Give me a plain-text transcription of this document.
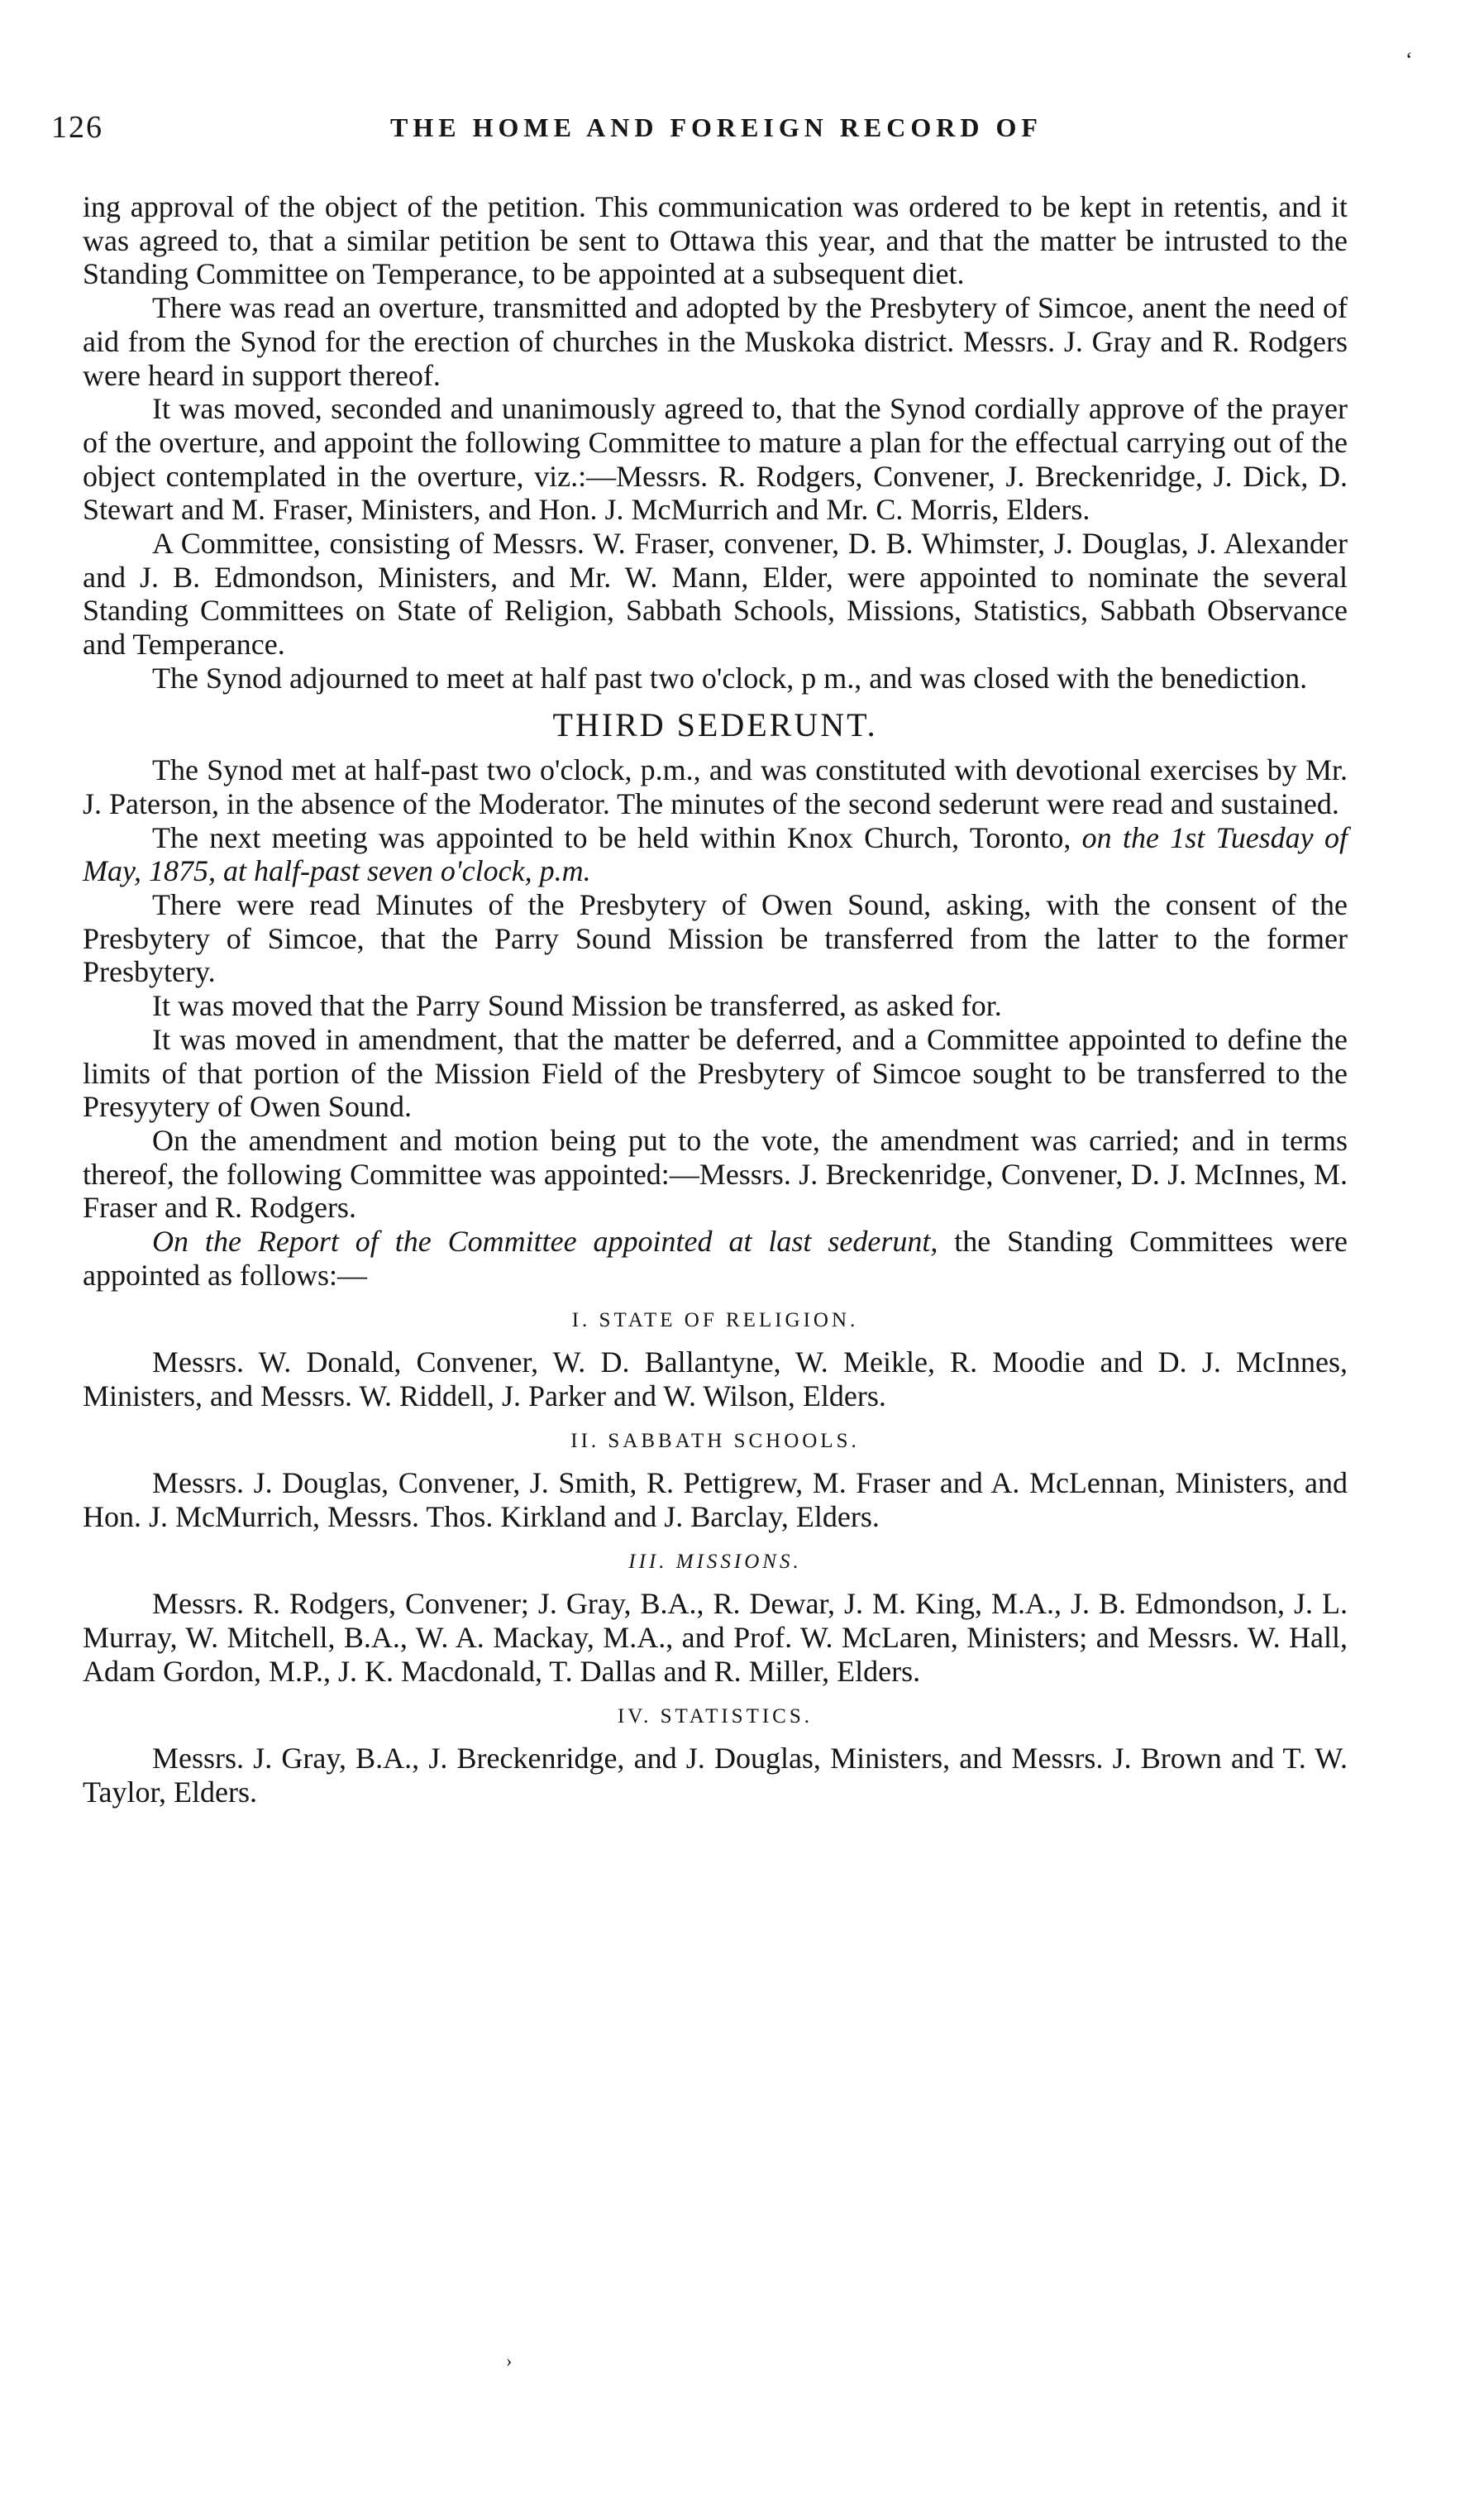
126	THE HOME AND FOREIGN RECORD OF
‘

ing approval of the object of the petition. This communication was ordered to be kept in retentis, and it was agreed to, that a similar petition be sent to Ottawa this year, and that the matter be intrusted to the Standing Committee on Temperance, to be appointed at a subsequent diet.

There was read an overture, transmitted and adopted by the Presbytery of Simcoe, anent the need of aid from the Synod for the erection of churches in the Muskoka district. Messrs. J. Gray and R. Rodgers were heard in support thereof.

It was moved, seconded and unanimously agreed to, that the Synod cordially approve of the prayer of the overture, and appoint the following Committee to mature a plan for the effectual carrying out of the object contemplated in the overture, viz.:—Messrs. R. Rodgers, Convener, J. Breckenridge, J. Dick, D. Stewart and M. Fraser, Ministers, and Hon. J. McMurrich and Mr. C. Morris, Elders.

A Committee, consisting of Messrs. W. Fraser, convener, D. B. Whimster, J. Douglas, J. Alexander and J. B. Edmondson, Ministers, and Mr. W. Mann, Elder, were appointed to nominate the several Standing Committees on State of Religion, Sabbath Schools, Missions, Statistics, Sabbath Observance and Temperance.

The Synod adjourned to meet at half past two o'clock, p m., and was closed with the benediction.

THIRD SEDERUNT.

The Synod met at half-past two o'clock, p.m., and was constituted with devotional exercises by Mr. J. Paterson, in the absence of the Moderator. The minutes of the second sederunt were read and sustained.

The next meeting was appointed to be held within Knox Church, Toronto, on the 1st Tuesday of May, 1875, at half-past seven o'clock, p.m.

There were read Minutes of the Presbytery of Owen Sound, asking, with the consent of the Presbytery of Simcoe, that the Parry Sound Mission be transferred from the latter to the former Presbytery.

It was moved that the Parry Sound Mission be transferred, as asked for.

It was moved in amendment, that the matter be deferred, and a Committee appointed to define the limits of that portion of the Mission Field of the Presbytery of Simcoe sought to be transferred to the Presyytery of Owen Sound.

On the amendment and motion being put to the vote, the amendment was carried; and in terms thereof, the following Committee was appointed:—Messrs. J. Breckenridge, Convener, D. J. McInnes, M. Fraser and R. Rodgers.

On the Report of the Committee appointed at last sederunt, the Standing Committees were appointed as follows:—

I. STATE OF RELIGION.

Messrs. W. Donald, Convener, W. D. Ballantyne, W. Meikle, R. Moodie and D. J. McInnes, Ministers, and Messrs. W. Riddell, J. Parker and W. Wilson, Elders.

II. SABBATH SCHOOLS.

Messrs. J. Douglas, Convener, J. Smith, R. Pettigrew, M. Fraser and A. McLennan, Ministers, and Hon. J. McMurrich, Messrs. Thos. Kirkland and J. Barclay, Elders.

III. MISSIONS.

Messrs. R. Rodgers, Convener; J. Gray, B.A., R. Dewar, J. M. King, M.A., J. B. Edmondson, J. L. Murray, W. Mitchell, B.A., W. A. Mackay, M.A., and Prof. W. McLaren, Ministers; and Messrs. W. Hall, Adam Gordon, M.P., J. K. Macdonald, T. Dallas and R. Miller, Elders.

IV. STATISTICS.

Messrs. J. Gray, B.A., J. Breckenridge, and J. Douglas, Ministers, and Messrs. J. Brown and T. W. Taylor, Elders.

›
